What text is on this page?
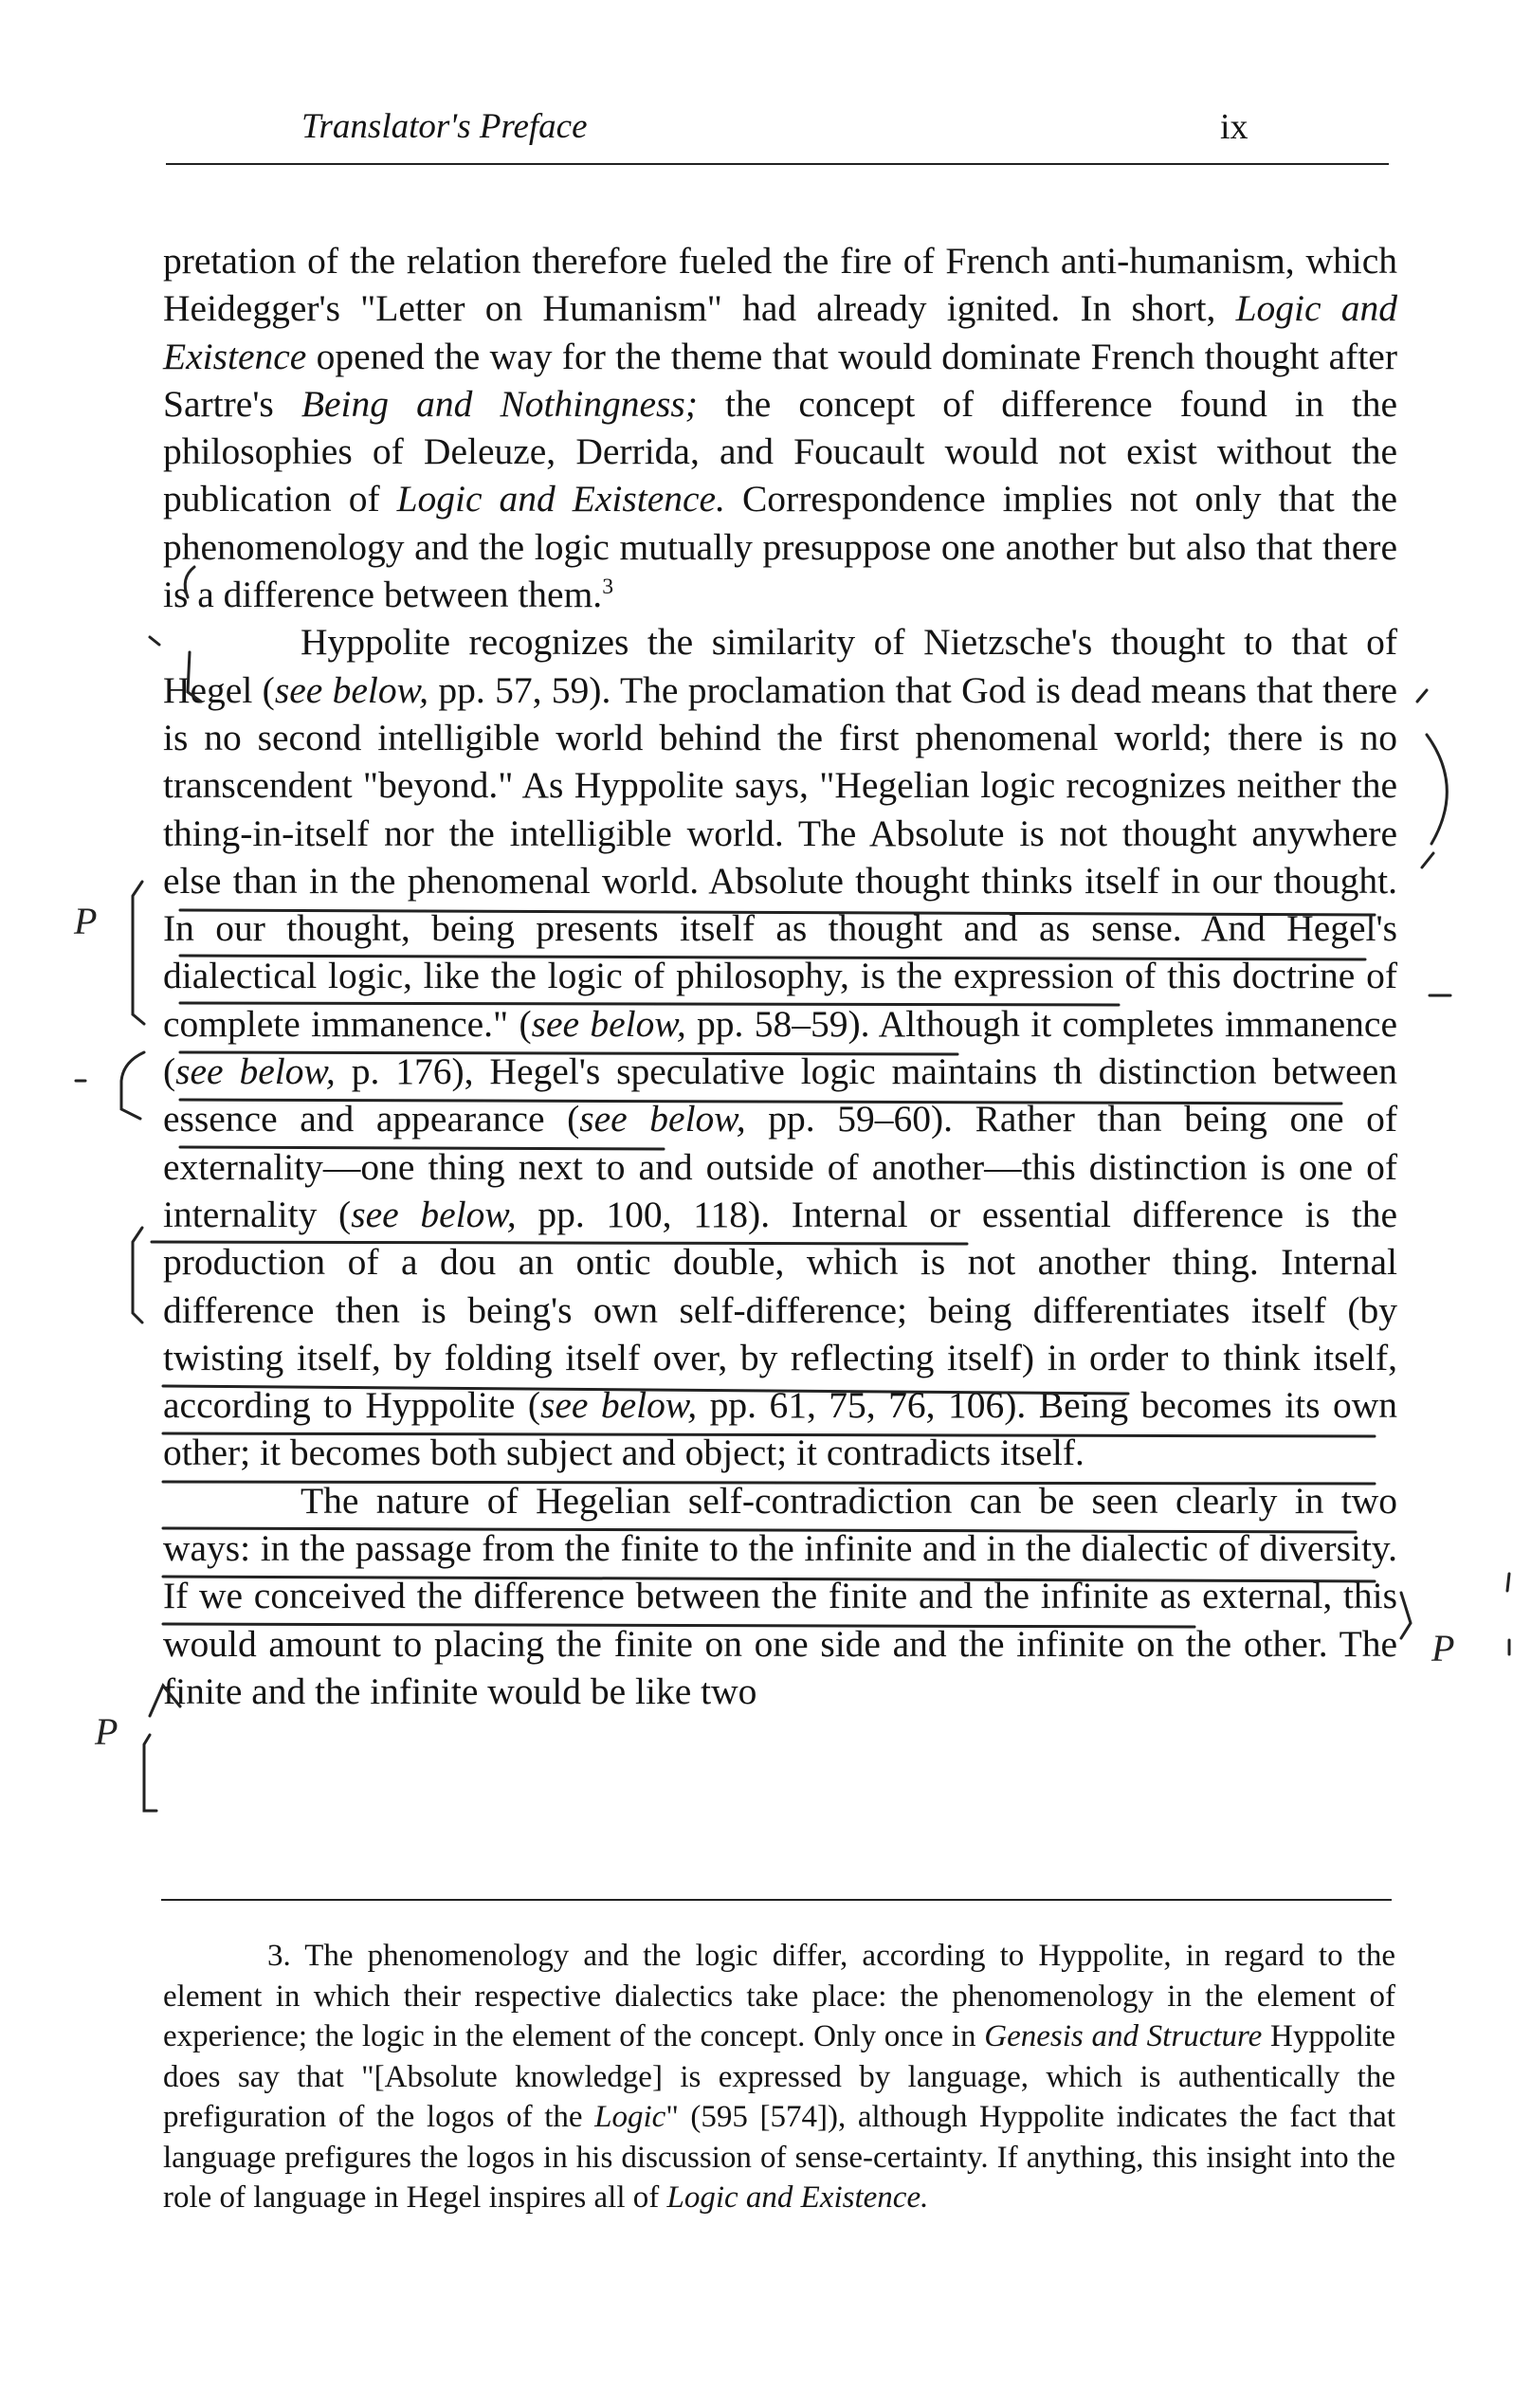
Translator's Preface	ix

pretation of the relation therefore fueled the fire of French anti-humanism, which Heidegger's "Letter on Humanism" had already ignited. In short, Logic and Existence opened the way for the theme that would dominate French thought after Sartre's Being and Nothingness; the concept of difference found in the philosophies of Deleuze, Derrida, and Foucault would not exist without the publication of Logic and Existence. Correspondence implies not only that the phenomenology and the logic mutually presuppose one another but also that there is a difference between them.$^3$

Hyppolite recognizes the similarity of Nietzsche's thought to that of Hegel (see below, pp. 57, 59). The proclamation that God is dead means that there is no second intelligible world behind the first phenomenal world; there is no transcendent "beyond." As Hyppolite says, "Hegelian logic recognizes neither the thing-in-itself nor the intelligible world. The Absolute is not thought anywhere else than in the phenomenal world. Absolute thought thinks itself in our thought. In our thought, being presents itself as thought and as sense. And Hegel's dialectical logic, like the logic of philosophy, is the expression of this doctrine of complete immanence." (see below, pp. 58–59). Although it completes immanence (see below, p. 176), Hegel's speculative logic maintains th distinction between essence and appearance (see below, pp. 59–60). Rather than being one of externality—one thing next to and outside of another—this distinction is one of internality (see below, pp. 100, 118). Internal or essential difference is the production of a dou an ontic double, which is not another thing. Internal difference then is being's own self-difference; being differentiates itself (by twisting itself, by folding itself over, by reflecting itself) in order to think itself, according to Hyppolite (see below, pp. 61, 75, 76, 106). Being becomes its own other; it becomes both subject and object; it contradicts itself.

The nature of Hegelian self-contradiction can be seen clearly in two ways: in the passage from the finite to the infinite and in the dialectic of diversity. If we conceived the difference between the finite and the infinite as external, this would amount to placing the finite on one side and the infinite on the other. The finite and the infinite would be like two

3. The phenomenology and the logic differ, according to Hyppolite, in regard to the element in which their respective dialectics take place: the phenomenology in the element of experience; the logic in the element of the concept. Only once in Genesis and Structure Hyppolite does say that "[Absolute knowledge] is expressed by language, which is authentically the prefiguration of the logos of the Logic" (595 [574]), although Hyppolite indicates the fact that language prefigures the logos in his discussion of sense-certainty. If anything, this insight into the role of language in Hegel inspires all of Logic and Existence.

P
P
P
